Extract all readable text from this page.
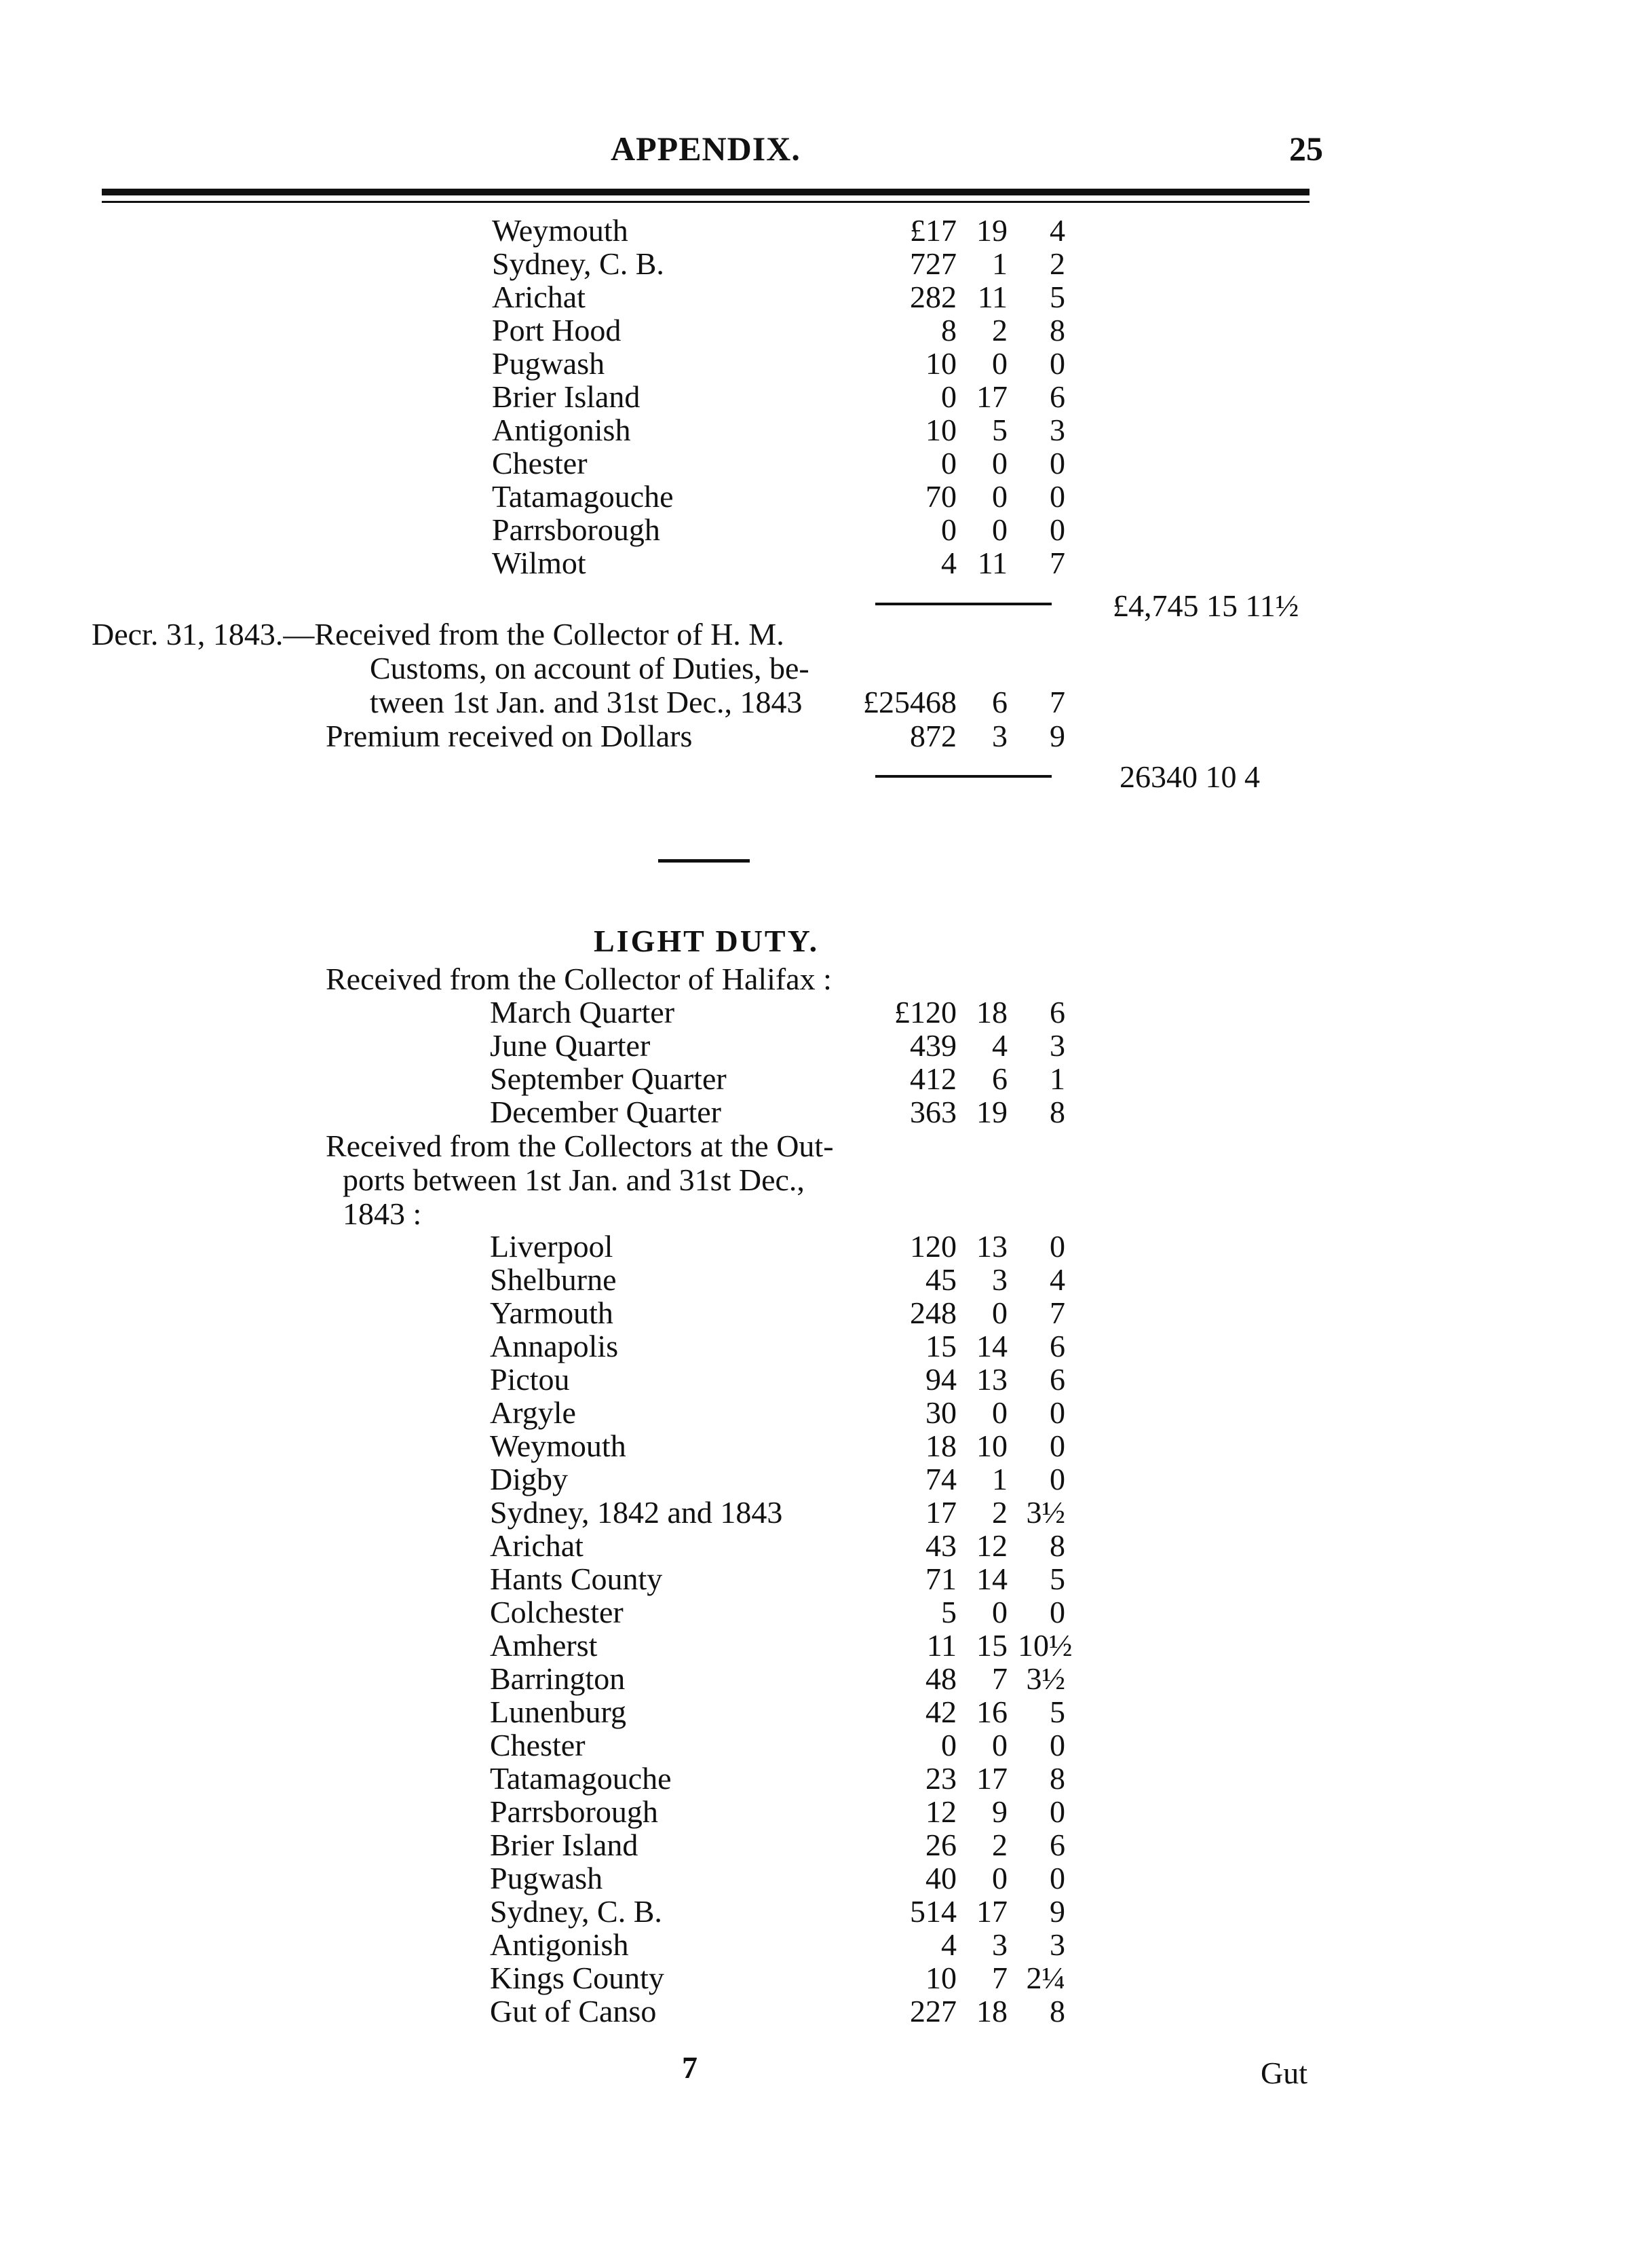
APPENDIX.	25
Weymouth	£17 19	4
Sydney, C. B.	727	1	2
Arichat	282 11	5
Port Hood	8	2	8
Pugwash	10	0	0
Brier Island	0 17	6
Antigonish	10	5	3
Chester	0	0	0
Tatamagouche	70	0	0
Parrsborough	0	0	0
Wilmot	4 11	7
£4,745 15 11½
Decr. 31, 1843.—Received from the Collector of H. M.
Customs, on account of Duties, be-
tween 1st Jan. and 31st Dec., 1843	£25468	6	7
Premium received on Dollars	872	3	9
26340 10 4
LIGHT DUTY.
Received from the Collector of Halifax :
March Quarter	£120 18	6
June Quarter	439	4	3
September Quarter	412	6	1
December Quarter	363 19	8
Received from the Collectors at the Out-
ports between 1st Jan. and 31st Dec.,
1843 :
Liverpool	120 13	0
Shelburne	45	3	4
Yarmouth	248	0	7
Annapolis	15 14	6
Pictou	94 13	6
Argyle	30	0	0
Weymouth	18 10	0
Digby	74	1	0
Sydney, 1842 and 1843	17	2 3½
Arichat	43 12	8
Hants County	71 14	5
Colchester	5	0	0
Amherst	11 15 10½
Barrington	48	7 3½
Lunenburg	42 16	5
Chester	0	0	0
Tatamagouche	23 17	8
Parrsborough	12	9	0
Brier Island	26	2	6
Pugwash	40	0	0
Sydney, C. B.	514 17	9
Antigonish	4	3	3
Kings County	10	7 2¼
Gut of Canso	227 18	8
7	Gut
